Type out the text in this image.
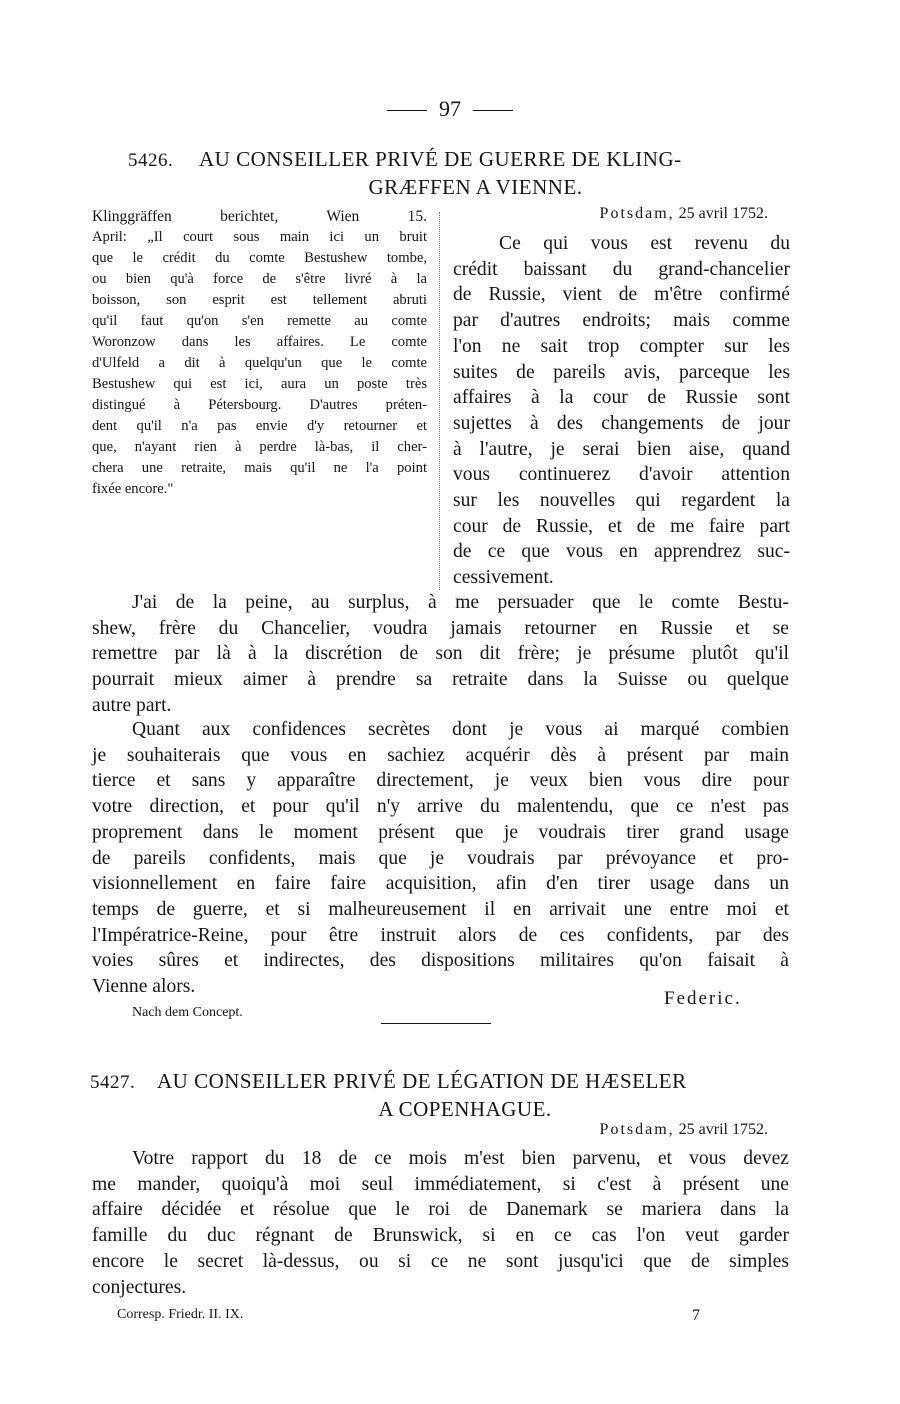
97
5426. AU CONSEILLER PRIVÉ DE GUERRE DE KLING-
GRÆFFEN A VIENNE.
Klinggräffen berichtet, Wien 15.
April: „Il court sous main ici un bruit
que le crédit du comte Bestushew tombe,
ou bien qu'à force de s'être livré à la
boisson, son esprit est tellement abruti
qu'il faut qu'on s'en remette au comte
Woronzow dans les affaires. Le comte
d'Ulfeld a dit à quelqu'un que le comte
Bestushew qui est ici, aura un poste très
distingué à Pétersbourg. D'autres préten-
dent qu'il n'a pas envie d'y retourner et
que, n'ayant rien à perdre là-bas, il cher-
chera une retraite, mais qu'il ne l'a point
fixée encore."
Potsdam, 25 avril 1752.
Ce qui vous est revenu du
crédit baissant du grand-chancelier
de Russie, vient de m'être confirmé
par d'autres endroits; mais comme
l'on ne sait trop compter sur les
suites de pareils avis, parceque les
affaires à la cour de Russie sont
sujettes à des changements de jour
à l'autre, je serai bien aise, quand
vous continuerez d'avoir attention
sur les nouvelles qui regardent la
cour de Russie, et de me faire part
de ce que vous en apprendrez suc-
cessivement.
J'ai de la peine, au surplus, à me persuader que le comte Bestu-
shew, frère du Chancelier, voudra jamais retourner en Russie et se
remettre par là à la discrétion de son dit frère; je présume plutôt qu'il
pourrait mieux aimer à prendre sa retraite dans la Suisse ou quelque
autre part.
Quant aux confidences secrètes dont je vous ai marqué combien
je souhaiterais que vous en sachiez acquérir dès à présent par main
tierce et sans y apparaître directement, je veux bien vous dire pour
votre direction, et pour qu'il n'y arrive du malentendu, que ce n'est pas
proprement dans le moment présent que je voudrais tirer grand usage
de pareils confidents, mais que je voudrais par prévoyance et pro-
visionnellement en faire faire acquisition, afin d'en tirer usage dans un
temps de guerre, et si malheureusement il en arrivait une entre moi et
l'Impératrice-Reine, pour être instruit alors de ces confidents, par des
voies sûres et indirectes, des dispositions militaires qu'on faisait à
Vienne alors.
Federic.
Nach dem Concept.
5427. AU CONSEILLER PRIVÉ DE LÉGATION DE HÆSELER
A COPENHAGUE.
Potsdam, 25 avril 1752.
Votre rapport du 18 de ce mois m'est bien parvenu, et vous devez
me mander, quoiqu'à moi seul immédiatement, si c'est à présent une
affaire décidée et résolue que le roi de Danemark se mariera dans la
famille du duc régnant de Brunswick, si en ce cas l'on veut garder
encore le secret là-dessus, ou si ce ne sont jusqu'ici que de simples
conjectures.
Corresp. Friedr. II. IX.	7
